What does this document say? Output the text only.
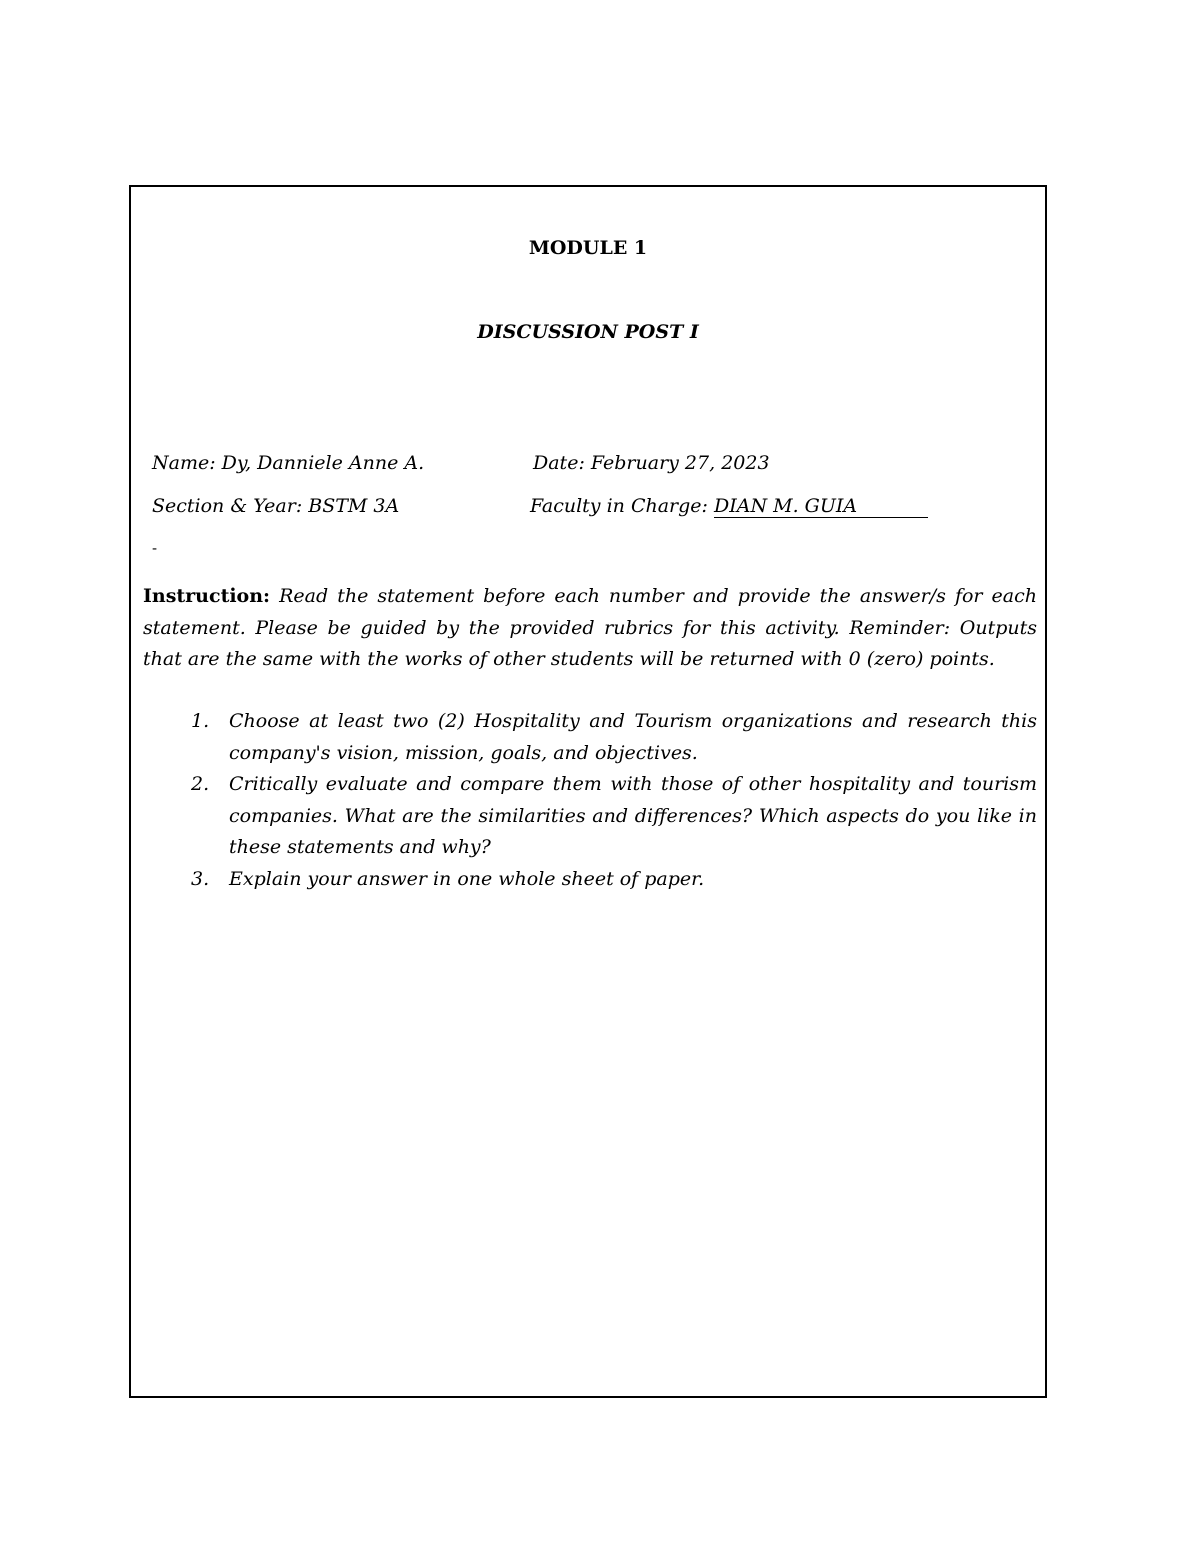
MODULE 1
DISCUSSION POST I
Name: Dy, Danniele Anne A.	Date: February 27, 2023
Section & Year: BSTM 3A	Faculty in Charge: DIAN M. GUIA
-

Instruction: Read the statement before each number and provide the answer/s for each statement. Please be guided by the provided rubrics for this activity. Reminder: Outputs that are the same with the works of other students will be returned with 0 (zero) points.

1. Choose at least two (2) Hospitality and Tourism organizations and research this company's vision, mission, goals, and objectives.
2. Critically evaluate and compare them with those of other hospitality and tourism companies. What are the similarities and differences? Which aspects do you like in these statements and why?
3. Explain your answer in one whole sheet of paper.
